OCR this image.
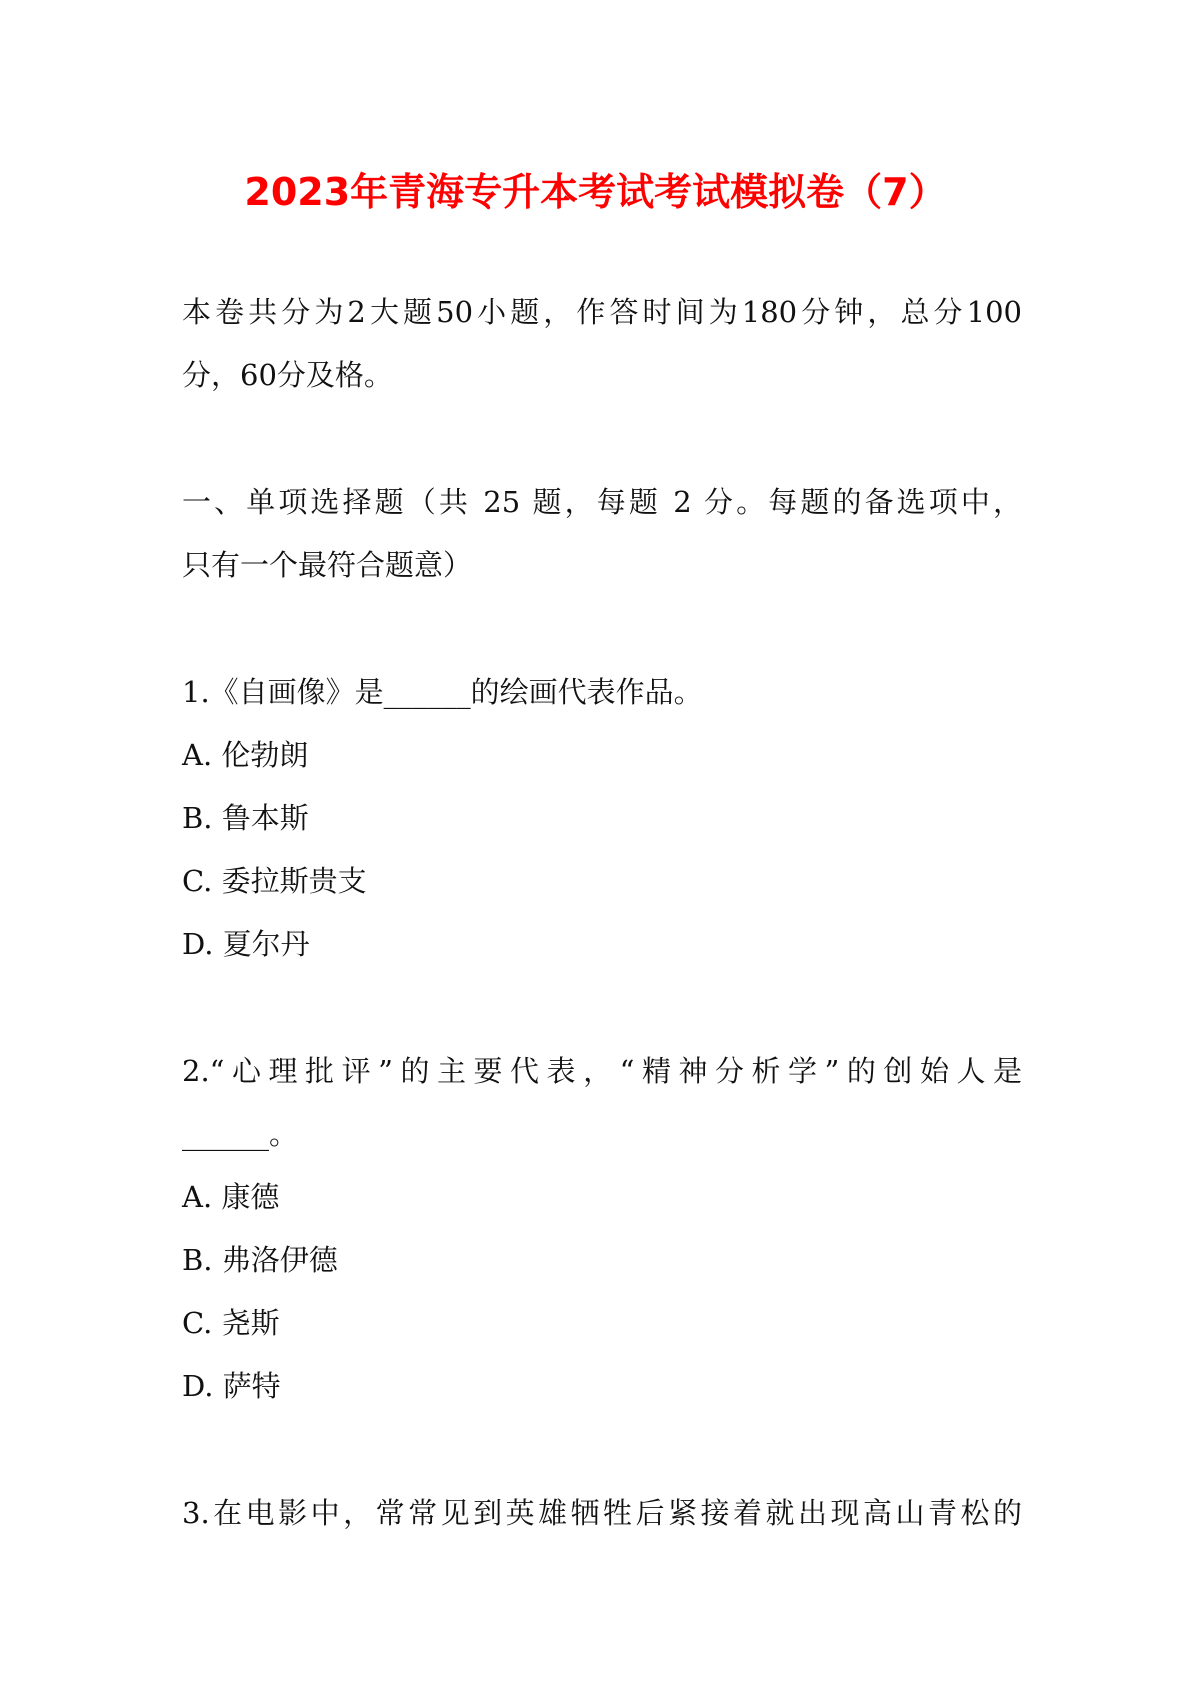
2023年青海专升本考试考试模拟卷（7）
本卷共分为2大题50小题，作答时间为180分钟，总分100
分，60分及格。
一、单项选择题（共 25 题，每题 2 分。每题的备选项中，
只有一个最符合题意）
1.《自画像》是______的绘画代表作品。
A. 伦勃朗
B. 鲁本斯
C. 委拉斯贵支
D. 夏尔丹
2.“心理批评”的主要代表，“精神分析学”的创始人是
______。
A. 康德
B. 弗洛伊德
C. 尧斯
D. 萨特
3.在电影中，常常见到英雄牺牲后紧接着就出现高山青松的
